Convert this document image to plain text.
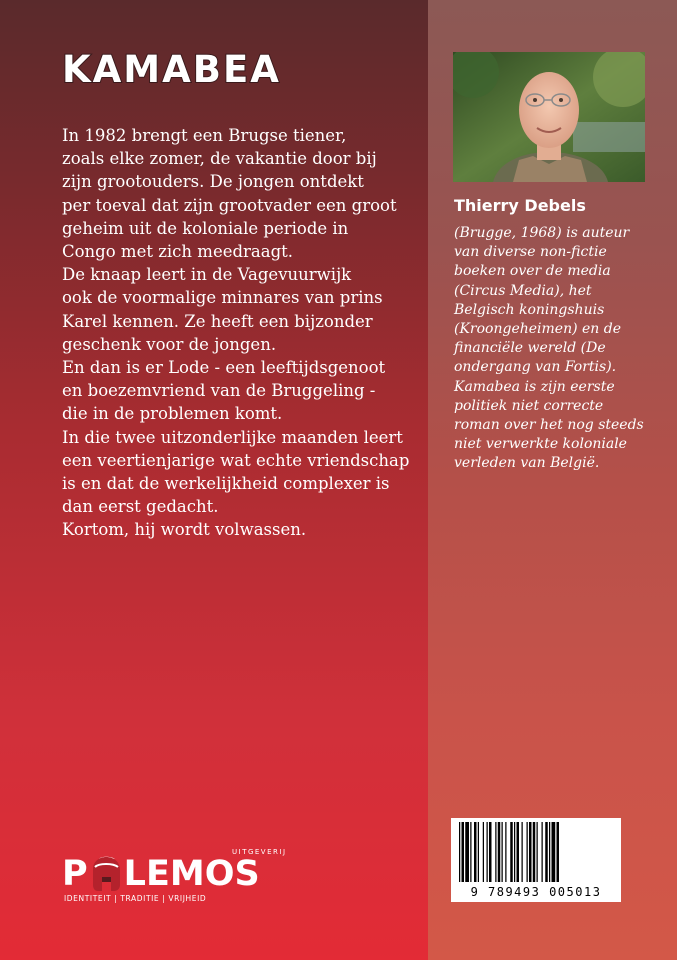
KAMABEA
In 1982 brengt een Brugse tiener,
zoals elke zomer, de vakantie door bij
zijn grootouders. De jongen ontdekt
per toeval dat zijn grootvader een groot
geheim uit de koloniale periode in
Congo met zich meedraagt.
De knaap leert in de Vagevuurwijk
ook de voormalige minnares van prins
Karel kennen. Ze heeft een bijzonder
geschenk voor de jongen.
En dan is er Lode - een leeftijdsgenoot
en boezemvriend van de Bruggeling -
die in de problemen komt.
In die twee uitzonderlijke maanden leert
een veertienjarige wat echte vriendschap
is en dat de werkelijkheid complexer is
dan eerst gedacht.
Kortom, hij wordt volwassen.
Thierry Debels
(Brugge, 1968) is auteur
van diverse non-fictie
boeken over de media
(Circus Media), het
Belgisch koningshuis
(Kroongeheimen) en de
financiële wereld (De
ondergang van Fortis).
Kamabea is zijn eerste
politiek niet correcte
roman over het nog steeds
niet verwerkte koloniale
verleden van België.
9 789493 005013
UITGEVERIJ
P LEMOS
IDENTITEIT | TRADITIE | VRIJHEID
